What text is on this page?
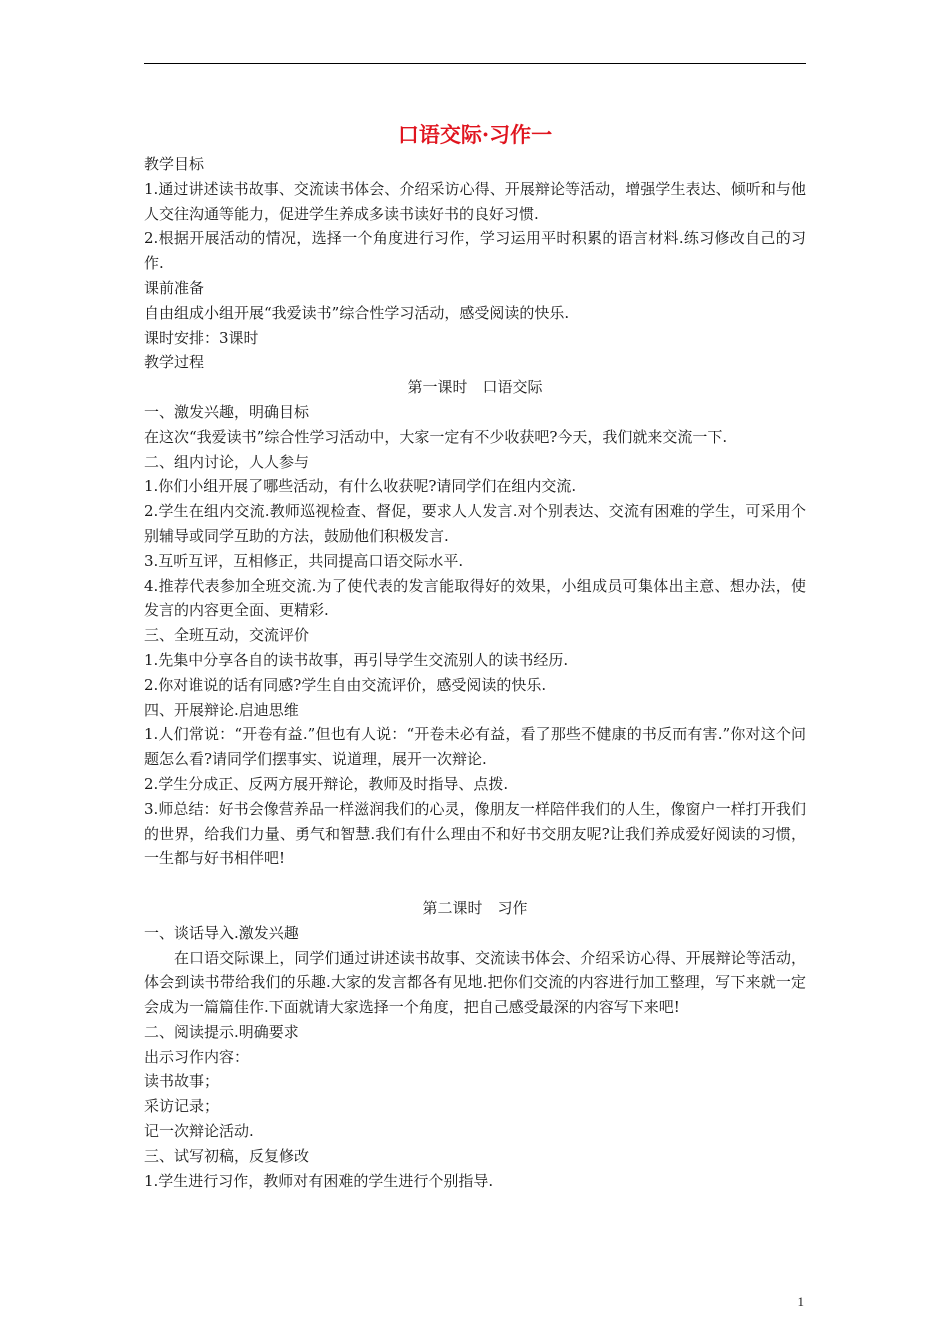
口语交际·习作一
教学目标
1.通过讲述读书故事、交流读书体会、介绍采访心得、开展辩论等活动，增强学生表达、倾听和与他人交往沟通等能力，促进学生养成多读书读好书的良好习惯.
2.根据开展活动的情况，选择一个角度进行习作，学习运用平时积累的语言材料.练习修改自己的习作.
课前准备
自由组成小组开展“我爱读书”综合性学习活动，感受阅读的快乐.
课时安排：3课时
教学过程
第一课时　口语交际
一、激发兴趣，明确目标
在这次“我爱读书”综合性学习活动中，大家一定有不少收获吧?今天，我们就来交流一下.
二、组内讨论，人人参与
1.你们小组开展了哪些活动，有什么收获呢?请同学们在组内交流.
2.学生在组内交流.教师巡视检查、督促，要求人人发言.对个别表达、交流有困难的学生，可采用个别辅导或同学互助的方法，鼓励他们积极发言.
3.互听互评，互相修正，共同提高口语交际水平.
4.推荐代表参加全班交流.为了使代表的发言能取得好的效果，小组成员可集体出主意、想办法，使发言的内容更全面、更精彩.
三、全班互动，交流评价
1.先集中分享各自的读书故事，再引导学生交流别人的读书经历.
2.你对谁说的话有同感?学生自由交流评价，感受阅读的快乐.
四、开展辩论.启迪思维
1.人们常说：“开卷有益.”但也有人说：“开卷未必有益，看了那些不健康的书反而有害.”你对这个问题怎么看?请同学们摆事实、说道理，展开一次辩论.
2.学生分成正、反两方展开辩论，教师及时指导、点拨.
3.师总结：好书会像营养品一样滋润我们的心灵，像朋友一样陪伴我们的人生，像窗户一样打开我们的世界，给我们力量、勇气和智慧.我们有什么理由不和好书交朋友呢?让我们养成爱好阅读的习惯，一生都与好书相伴吧!
第二课时　习作
一、谈话导入.激发兴趣
在口语交际课上，同学们通过讲述读书故事、交流读书体会、介绍采访心得、开展辩论等活动，体会到读书带给我们的乐趣.大家的发言都各有见地.把你们交流的内容进行加工整理，写下来就一定会成为一篇篇佳作.下面就请大家选择一个角度，把自己感受最深的内容写下来吧!
二、阅读提示.明确要求
出示习作内容：
读书故事；
采访记录；
记一次辩论活动.
三、试写初稿，反复修改
1.学生进行习作，教师对有困难的学生进行个别指导.
1
